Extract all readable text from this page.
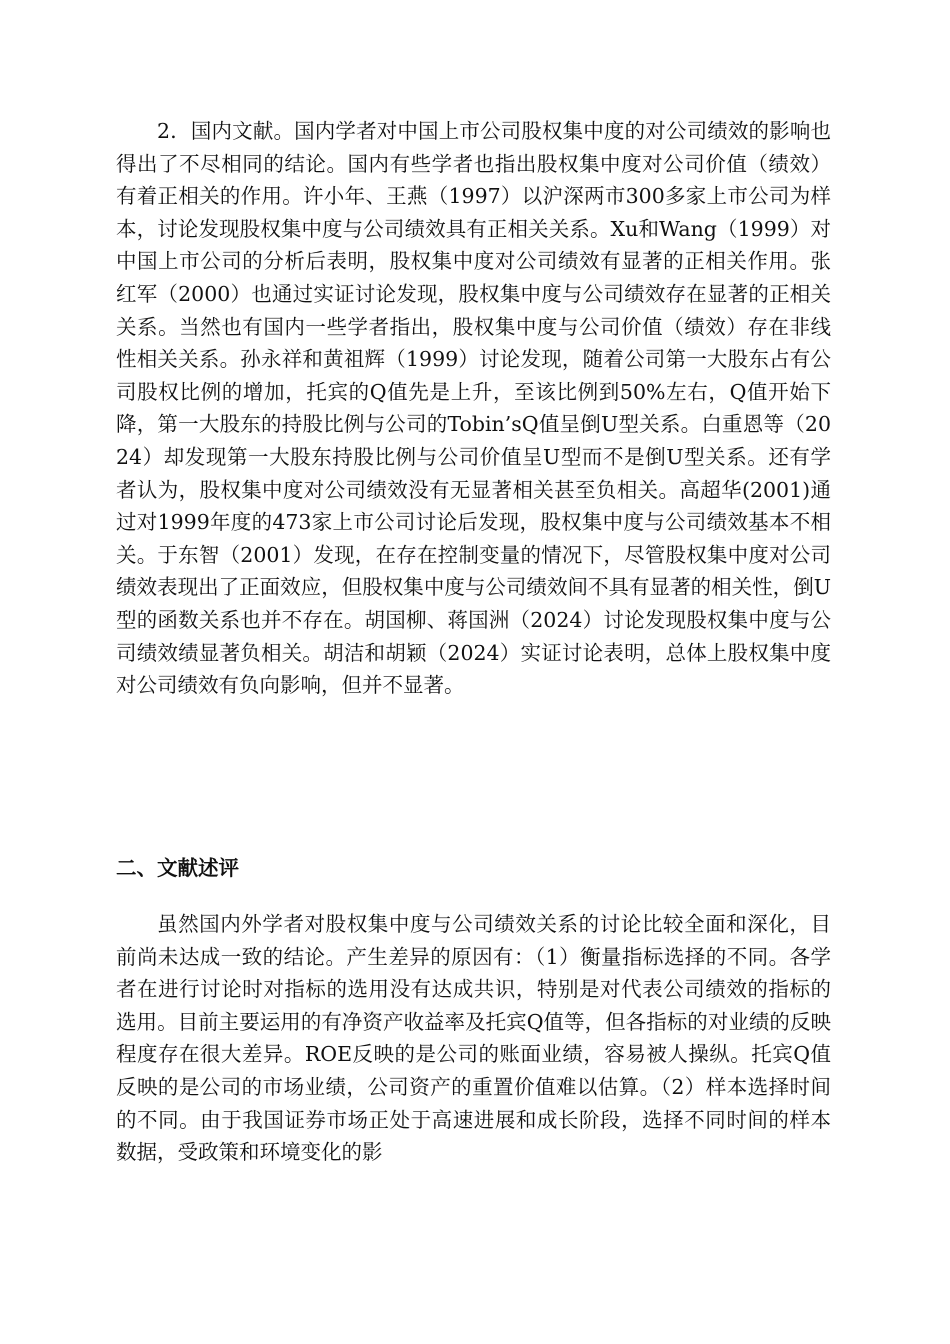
2．国内文献。国内学者对中国上市公司股权集中度的对公司绩效的影响也得出了不尽相同的结论。国内有些学者也指出股权集中度对公司价值（绩效）有着正相关的作用。许小年、王燕（1997）以沪深两市300多家上市公司为样本，讨论发现股权集中度与公司绩效具有正相关关系。Xu和Wang（1999）对中国上市公司的分析后表明，股权集中度对公司绩效有显著的正相关作用。张红军（2000）也通过实证讨论发现，股权集中度与公司绩效存在显著的正相关关系。当然也有国内一些学者指出，股权集中度与公司价值（绩效）存在非线性相关关系。孙永祥和黄祖辉（1999）讨论发现，随着公司第一大股东占有公司股权比例的增加，托宾的Q值先是上升，至该比例到50%左右，Q值开始下降，第一大股东的持股比例与公司的Tobin’sQ值呈倒U型关系。白重恩等（2024）却发现第一大股东持股比例与公司价值呈U型而不是倒U型关系。还有学者认为，股权集中度对公司绩效没有无显著相关甚至负相关。高超华(2001)通过对1999年度的473家上市公司讨论后发现，股权集中度与公司绩效基本不相关。于东智（2001）发现，在存在控制变量的情况下，尽管股权集中度对公司绩效表现出了正面效应，但股权集中度与公司绩效间不具有显著的相关性，倒U型的函数关系也并不存在。胡国柳、蒋国洲（2024）讨论发现股权集中度与公司绩效绩显著负相关。胡洁和胡颖（2024）实证讨论表明，总体上股权集中度对公司绩效有负向影响，但并不显著。

二、文献述评

虽然国内外学者对股权集中度与公司绩效关系的讨论比较全面和深化，目前尚未达成一致的结论。产生差异的原因有：（1）衡量指标选择的不同。各学者在进行讨论时对指标的选用没有达成共识，特别是对代表公司绩效的指标的选用。目前主要运用的有净资产收益率及托宾Q值等，但各指标的对业绩的反映程度存在很大差异。ROE反映的是公司的账面业绩，容易被人操纵。托宾Q值反映的是公司的市场业绩，公司资产的重置价值难以估算。（2）样本选择时间的不同。由于我国证券市场正处于高速进展和成长阶段，选择不同时间的样本数据，受政策和环境变化的影
